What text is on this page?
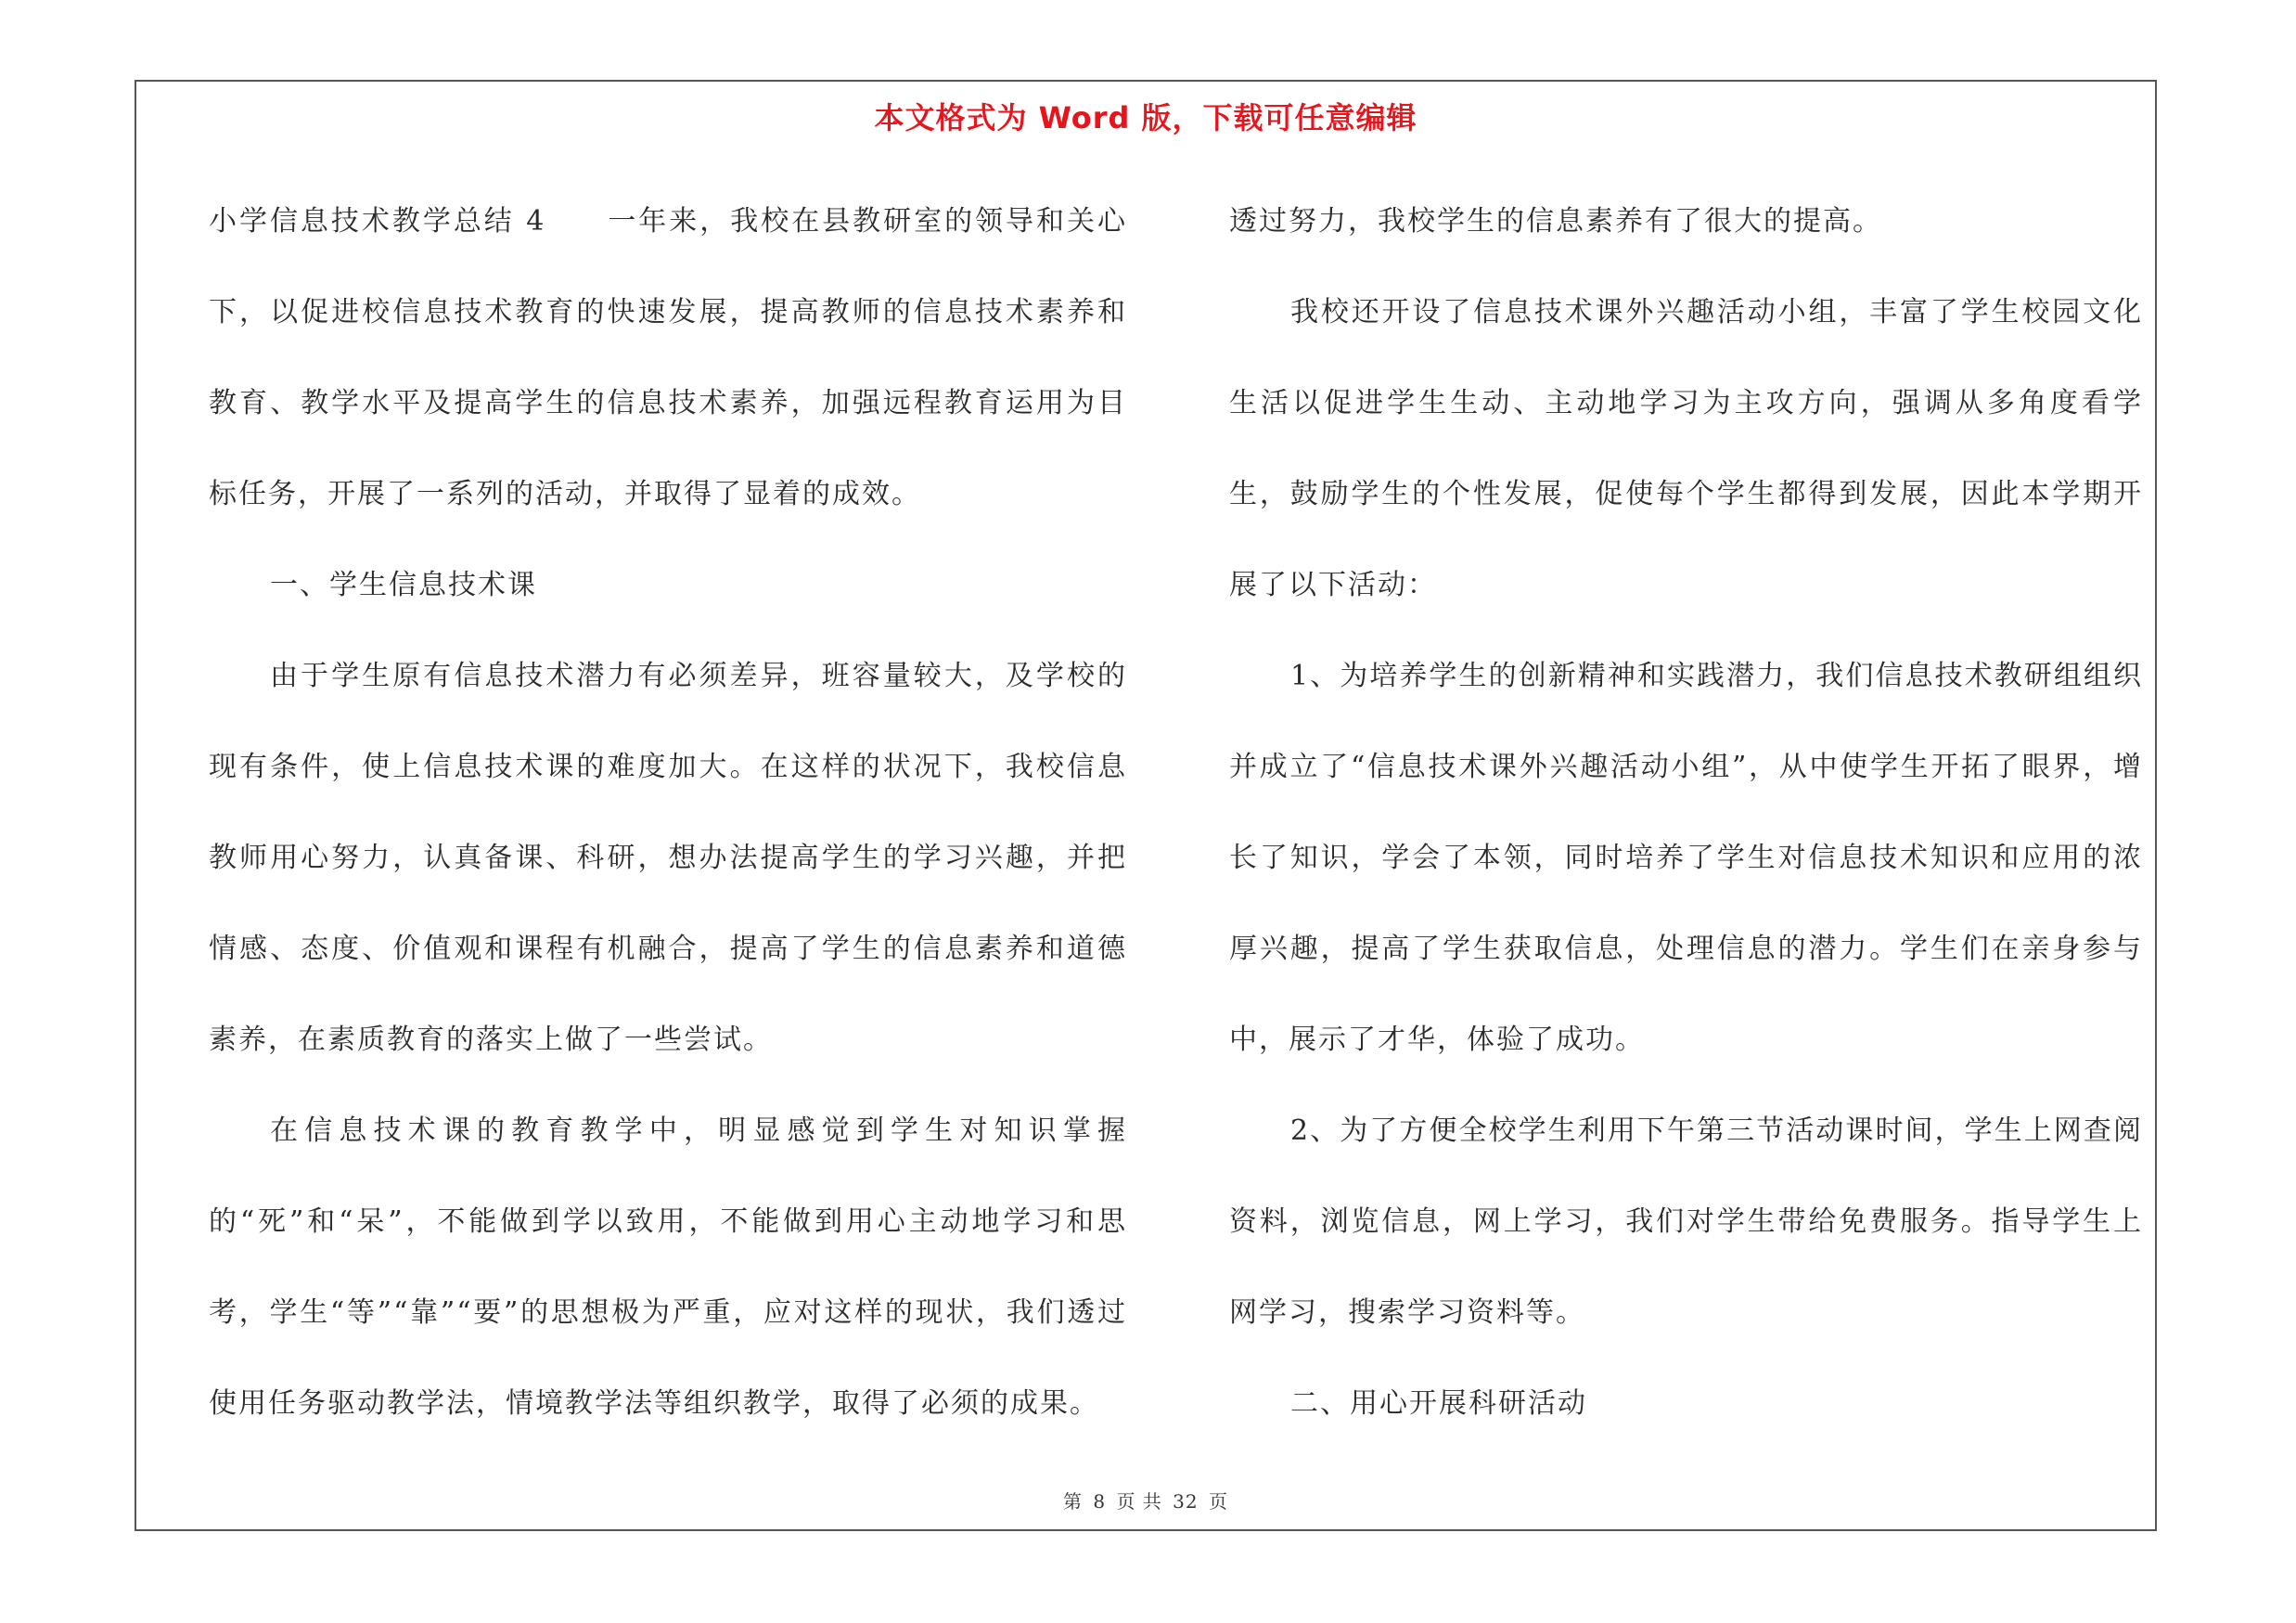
本文格式为 Word 版，下载可任意编辑

小学信息技术教学总结 4　　一年来，我校在县教研室的领导和关心下，以促进校信息技术教育的快速发展，提高教师的信息技术素养和教育、教学水平及提高学生的信息技术素养，加强远程教育运用为目标任务，开展了一系列的活动，并取得了显着的成效。

一、学生信息技术课

由于学生原有信息技术潜力有必须差异，班容量较大，及学校的现有条件，使上信息技术课的难度加大。在这样的状况下，我校信息教师用心努力，认真备课、科研，想办法提高学生的学习兴趣，并把情感、态度、价值观和课程有机融合，提高了学生的信息素养和道德素养，在素质教育的落实上做了一些尝试。

在信息技术课的教育教学中，明显感觉到学生对知识掌握的“死”和“呆”，不能做到学以致用，不能做到用心主动地学习和思考，学生“等”“靠”“要”的思想极为严重，应对这样的现状，我们透过使用任务驱动教学法，情境教学法等组织教学，取得了必须的成果。

透过努力，我校学生的信息素养有了很大的提高。

我校还开设了信息技术课外兴趣活动小组，丰富了学生校园文化生活以促进学生生动、主动地学习为主攻方向，强调从多角度看学生，鼓励学生的个性发展，促使每个学生都得到发展，因此本学期开展了以下活动：

1、为培养学生的创新精神和实践潜力，我们信息技术教研组组织并成立了“信息技术课外兴趣活动小组”，从中使学生开拓了眼界，增长了知识，学会了本领，同时培养了学生对信息技术知识和应用的浓厚兴趣，提高了学生获取信息，处理信息的潜力。学生们在亲身参与中，展示了才华，体验了成功。

2、为了方便全校学生利用下午第三节活动课时间，学生上网查阅资料，浏览信息，网上学习，我们对学生带给免费服务。指导学生上网学习，搜索学习资料等。

二、用心开展科研活动

第 8 页 共 32 页
